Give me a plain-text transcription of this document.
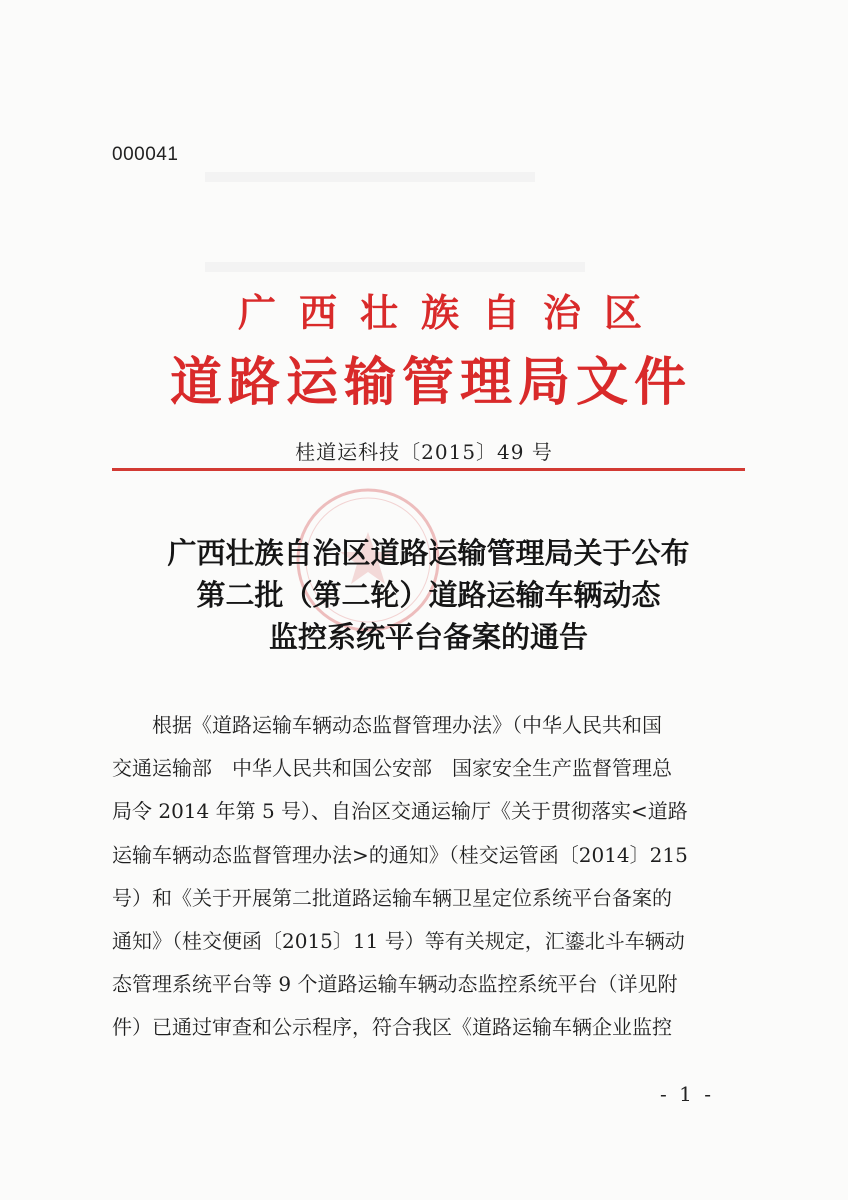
000041
广西壮族自治区
道路运输管理局文件
桂道运科技〔2015〕49 号
广西壮族自治区道路运输管理局关于公布
第二批（第二轮）道路运输车辆动态
监控系统平台备案的通告
　　根据《道路运输车辆动态监督管理办法》（中华人民共和国
交通运输部　中华人民共和国公安部　国家安全生产监督管理总
局令 2014 年第 5 号）、自治区交通运输厅《关于贯彻落实<道路
运输车辆动态监督管理办法>的通知》（桂交运管函〔2014〕215
号）和《关于开展第二批道路运输车辆卫星定位系统平台备案的
通知》（桂交便函〔2015〕11 号）等有关规定，汇鎏北斗车辆动
态管理系统平台等 9 个道路运输车辆动态监控系统平台（详见附
件）已通过审查和公示程序，符合我区《道路运输车辆企业监控
- 1 -
